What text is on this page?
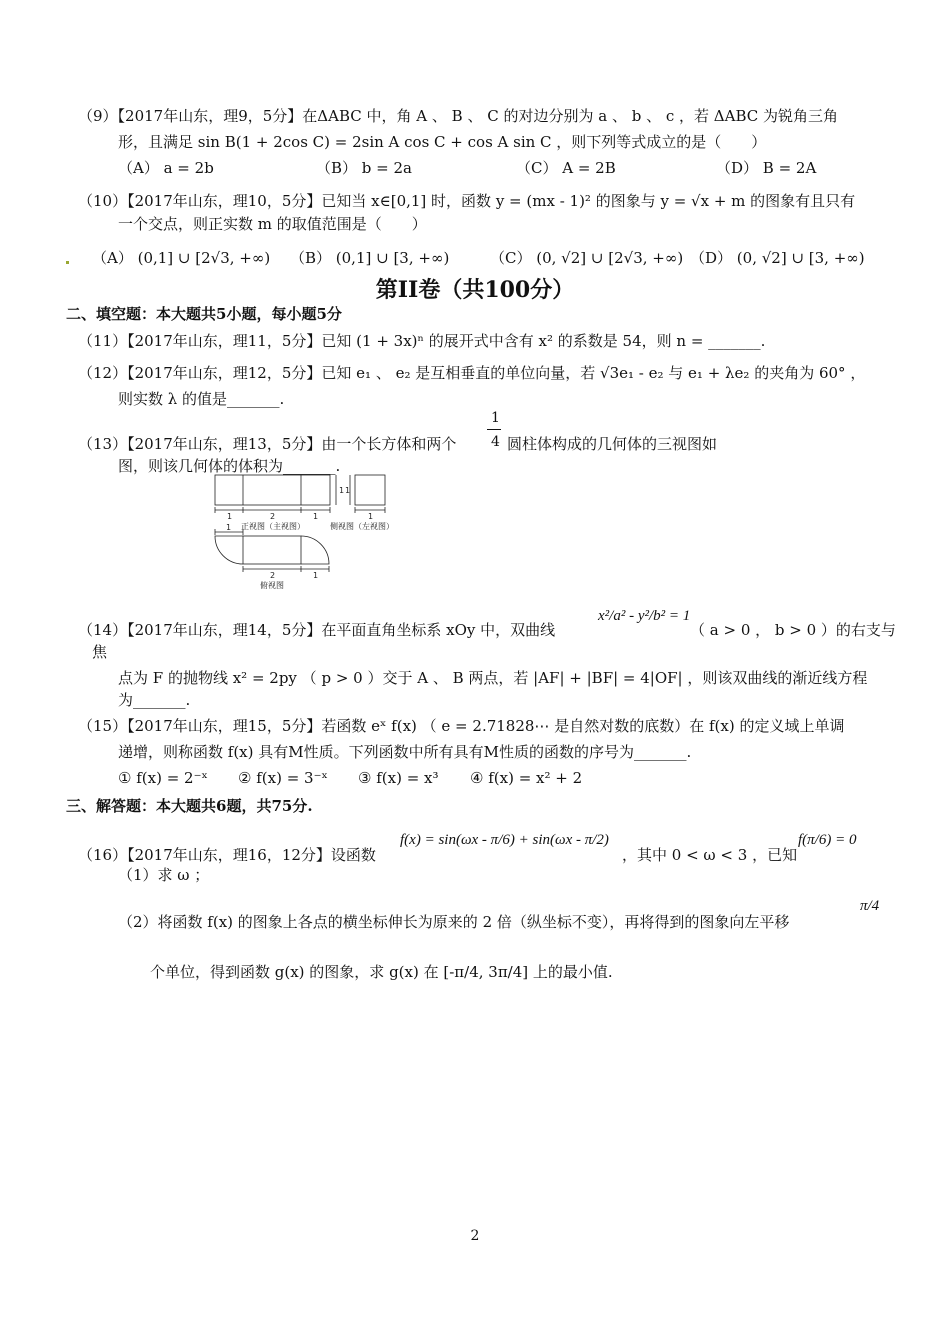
（9）【2017年山东，理9，5分】在ΔABC 中，角 A 、 B 、 C 的对边分别为 a 、 b 、 c ，若 ΔABC 为锐角三角
形，且满足 sin B(1 + 2cos C) = 2sin A cos C + cos A sin C ，则下列等式成立的是（　　）
（A） a = 2b	（B） b = 2a	（C） A = 2B	（D） B = 2A
（10）【2017年山东，理10，5分】已知当 x∈[0,1] 时，函数 y = (mx - 1)² 的图象与 y = √x + m 的图象有且只有
一个交点，则正实数 m 的取值范围是（　　）
（A） (0,1] ∪ [2√3, +∞) （B） (0,1] ∪ [3, +∞)	（C） (0, √2] ∪ [2√3, +∞) （D） (0, √2] ∪ [3, +∞)
第II卷（共100分）
二、填空题：本大题共5小题，每小题5分
（11）【2017年山东，理11，5分】已知 (1 + 3x)ⁿ 的展开式中含有 x² 的系数是 54，则 n = _______.
（12）【2017年山东，理12，5分】已知 e₁ 、 e₂ 是互相垂直的单位向量，若 √3e₁ - e₂ 与 e₁ + λe₂ 的夹角为 60° ，
则实数 λ 的值是_______.
1
4
（13）【2017年山东，理13，5分】由一个长方体和两个	圆柱体构成的几何体的三视图如
图，则该几何体的体积为_______.
1	2	1
1
正视图（主视图）
1
1
侧视图（左视图）
1
2	1
俯视图
（14）【2017年山东，理14，5分】在平面直角坐标系 xOy 中，双曲线
x²/a² - y²/b² = 1
（ a > 0 ， b > 0 ）的右支与
焦
点为 F 的抛物线 x² = 2py （ p > 0 ）交于 A 、 B 两点，若 |AF| + |BF| = 4|OF| ，则该双曲线的渐近线方程
为_______.
（15）【2017年山东，理15，5分】若函数 eˣ f(x) （ e = 2.71828⋯ 是自然对数的底数）在 f(x) 的定义域上单调
递增，则称函数 f(x) 具有M性质。下列函数中所有具有M性质的函数的序号为_______.
① f(x) = 2⁻ˣ ② f(x) = 3⁻ˣ ③ f(x) = x³ ④ f(x) = x² + 2
三、解答题：本大题共6题，共75分.
（16）【2017年山东，理16，12分】设函数
f(x) = sin(ωx - π/6) + sin(ωx - π/2)
，其中 0 < ω < 3 ，已知
f(π/6) = 0
（1）求 ω ；
（2）将函数 f(x) 的图象上各点的横坐标伸长为原来的 2 倍（纵坐标不变），再将得到的图象向左平移
π/4
个单位，得到函数 g(x) 的图象，求 g(x) 在 [-π/4, 3π/4] 上的最小值.
2
